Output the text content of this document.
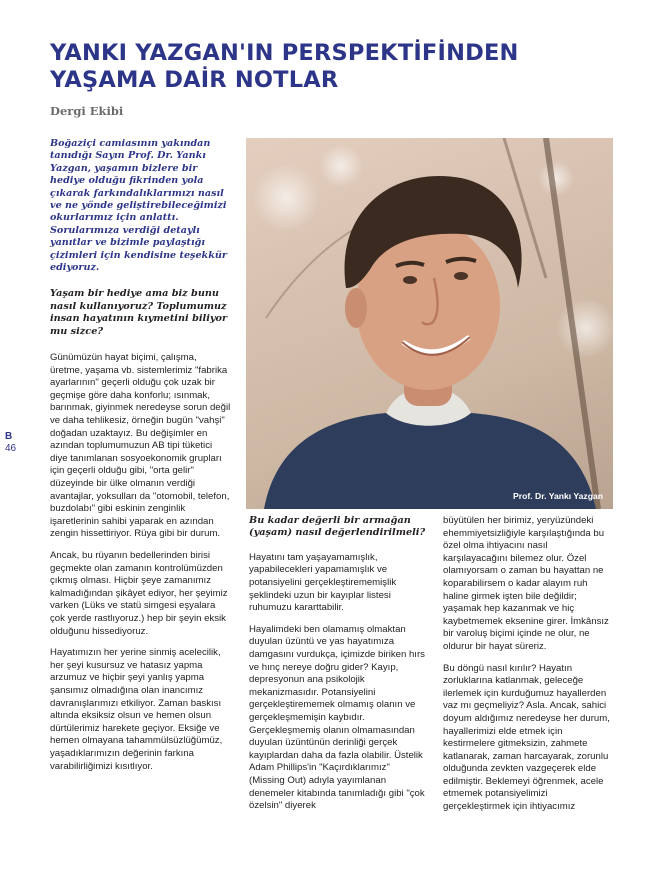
YANKI YAZGAN'IN PERSPEKTİFİNDEN
YAŞAMA DAİR NOTLAR
Dergi Ekibi
B
46

Boğaziçi camiasının yakından tanıdığı Sayın Prof. Dr. Yankı Yazgan, yaşamın bizlere bir hediye olduğu fikrinden yola çıkarak farkındalıklarımızı nasıl ve ne yönde geliştirebileceğimizi okurlarımız için anlattı. Sorularımıza verdiği detaylı yanıtlar ve bizimle paylaştığı çizimleri için kendisine teşekkür ediyoruz.

Yaşam bir hediye ama biz bunu nasıl kullanıyoruz? Toplumumuz insan hayatının kıymetini biliyor mu sizce?

Günümüzün hayat biçimi, çalışma, üretme, yaşama vb. sistemlerimiz "fabrika ayarlarının" geçerli olduğu çok uzak bir geçmişe göre daha konforlu; ısınmak, barınmak, giyinmek neredeyse sorun değil ve daha tehlikesiz, örneğin bugün "vahşi" doğadan uzaktayız. Bu değişimler en azından toplumumuzun AB tipi tüketici diye tanımlanan sosyoekonomik grupları için geçerli olduğu gibi, "orta gelir" düzeyinde bir ülke olmanın verdiği avantajlar, yoksulları da "otomobil, telefon, buzdolabı" gibi eskinin zenginlik işaretlerinin sahibi yaparak en azından zengin hissettiriyor. Rüya gibi bir durum.

Ancak, bu rüyanın bedellerinden birisi geçmekte olan zamanın kontrolümüzden çıkmış olması. Hiçbir şeye zamanımız kalmadığından şikâyet ediyor, her şeyimiz varken (Lüks ve statü simgesi eşyalara çok yerde rastlıyoruz.) hep bir şeyin eksik olduğunu hissediyoruz.

Hayatımızın her yerine sinmiş acelecilik, her şeyi kusursuz ve hatasız yapma arzumuz ve hiçbir şeyi yanlış yapma şansımız olmadığına olan inancımız davranışlarımızı etkiliyor. Zaman baskısı altında eksiksiz olsun ve hemen olsun dürtülerimiz harekete geçiyor. Eksiğe ve hemen olmayana tahammülsüzlüğümüz, yaşadıklarımızın değerinin farkına varabilirliğimizi kısıtlıyor.

Prof. Dr. Yankı Yazgan

Bu kadar değerli bir armağan (yaşam) nasıl değerlendirilmeli?

Hayatını tam yaşayamamışlık, yapabilecekleri yapamamışlık ve potansiyelini gerçekleştirememişlik şeklindeki uzun bir kayıplar listesi ruhumuzu kararttabilir.

Hayalimdeki ben olamamış olmaktan duyulan üzüntü ve yas hayatımıza damgasını vurdukça, içimizde biriken hırs ve hınç nereye doğru gider? Kayıp, depresyonun ana psikolojik mekanizmasıdır. Potansiyelini gerçekleştirememek olmamış olanın ve gerçekleşmemişin kaybıdır. Gerçekleşmemiş olanın olmamasından duyulan üzüntünün derinliği gerçek kayıplardan daha da fazla olabilir. Üstelik Adam Phillips'in "Kaçırdıklarımız" (Missing Out) adıyla yayımlanan denemeler kitabında tanımladığı gibi "çok özelsin" diyerek

büyütülen her birimiz, yeryüzündeki ehemmiyetsizliğiyle karşılaştığında bu özel olma ihtiyacını nasıl karşılayacağını bilemez olur. Özel olamıyorsam o zaman bu hayattan ne koparabilirsem o kadar alayım ruh haline girmek işten bile değildir; yaşamak hep kazanmak ve hiç kaybetmemek eksenine girer. İmkânsız bir varoluş biçimi içinde ne olur, ne oldurur bir hayat süreriz.

Bu döngü nasıl kırılır? Hayatın zorluklarına katlanmak, geleceğe ilerlemek için kurduğumuz hayallerden vaz mı geçmeliyiz? Asla. Ancak, sahici doyum aldığımız neredeyse her durum, hayallerimizi elde etmek için kestirmelere gitmeksizin, zahmete katlanarak, zaman harcayarak, zorunlu olduğunda zevkten vazgeçerek elde edilmiştir. Beklemeyi öğrenmek, acele etmemek potansiyelimizi gerçekleştirmek için ihtiyacımız
